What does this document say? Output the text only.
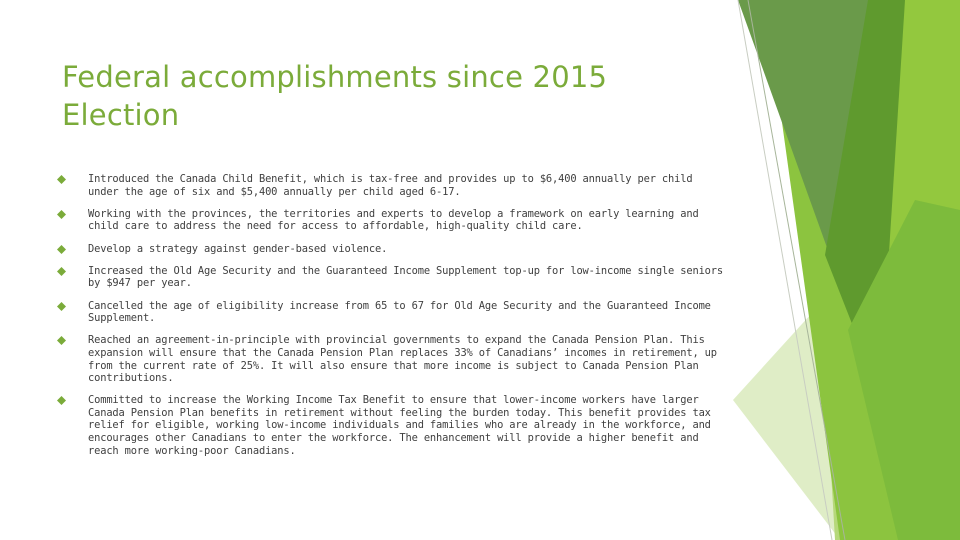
Federal accomplishments since 2015 Election
Introduced the Canada Child Benefit, which is tax-free and provides up to $6,400 annually per child under the age of six and $5,400 annually per child aged 6-17.
Working with the provinces, the territories and experts to develop a framework on early learning and child care to address the need for access to affordable, high-quality child care.
Develop a strategy against gender-based violence.
Increased the Old Age Security and the Guaranteed Income Supplement top-up for low-income single seniors by $947 per year.
Cancelled the age of eligibility increase from 65 to 67 for Old Age Security and the Guaranteed Income Supplement.
Reached an agreement-in-principle with provincial governments to expand the Canada Pension Plan. This expansion will ensure that the Canada Pension Plan replaces 33% of Canadians’ incomes in retirement, up from the current rate of 25%. It will also ensure that more income is subject to Canada Pension Plan contributions.
Committed to increase the Working Income Tax Benefit to ensure that lower-income workers have larger Canada Pension Plan benefits in retirement without feeling the burden today. This benefit provides tax relief for eligible, working low-income individuals and families who are already in the workforce, and encourages other Canadians to enter the workforce. The enhancement will provide a higher benefit and reach more working-poor Canadians.
